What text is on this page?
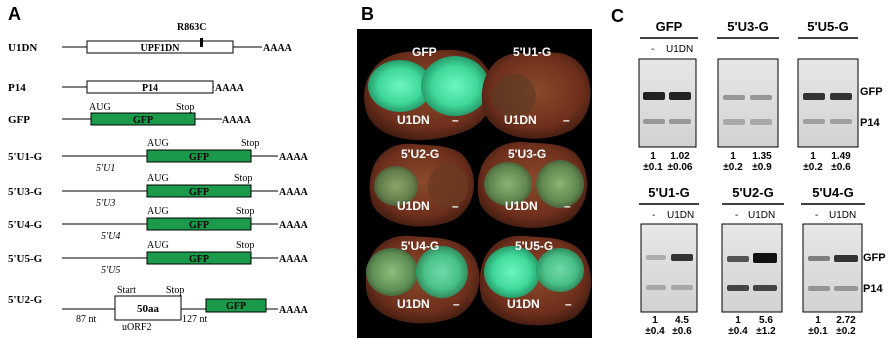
A
U1DN
R863C
UPF1DN	AAAA
P14	P14	AAAA
AUG	Stop
GFP	GFP	AAAA
AUG	Stop
5'U1-G	GFP
5'U1
AAAA
AUG	Stop
5'U3-G	GFP
5'U3
AAAA
AUG	Stop
5'U4-G	GFP
5'U4
AAAA
AUG	Stop
5'U5-G	GFP
5'U5
AAAA
Start	Stop
5'U2-G
50aa	GFP
87 nt	127 nt
uORF2
AAAA
B
GFP
U1DN –
5'U1-G
U1DN –
5'U2-G
U1DN –
5'U3-G
U1DN –
5'U4-G
U1DN –
5'U5-G
U1DN –
C
GFP
- U1DN
1
±0.1
1.02
±0.06
5'U3-G
1
±0.2
1.35
±0.9
5'U5-G
1
±0.2
1.49
±0.6
GFP
P14
5'U1-G
- U1DN
1
±0.4
4.5
±0.6
5'U2-G
- U1DN
1
±0.4
5.6
±1.2
5'U4-G
- U1DN
1
±0.1
2.72
±0.2
GFP
P14
